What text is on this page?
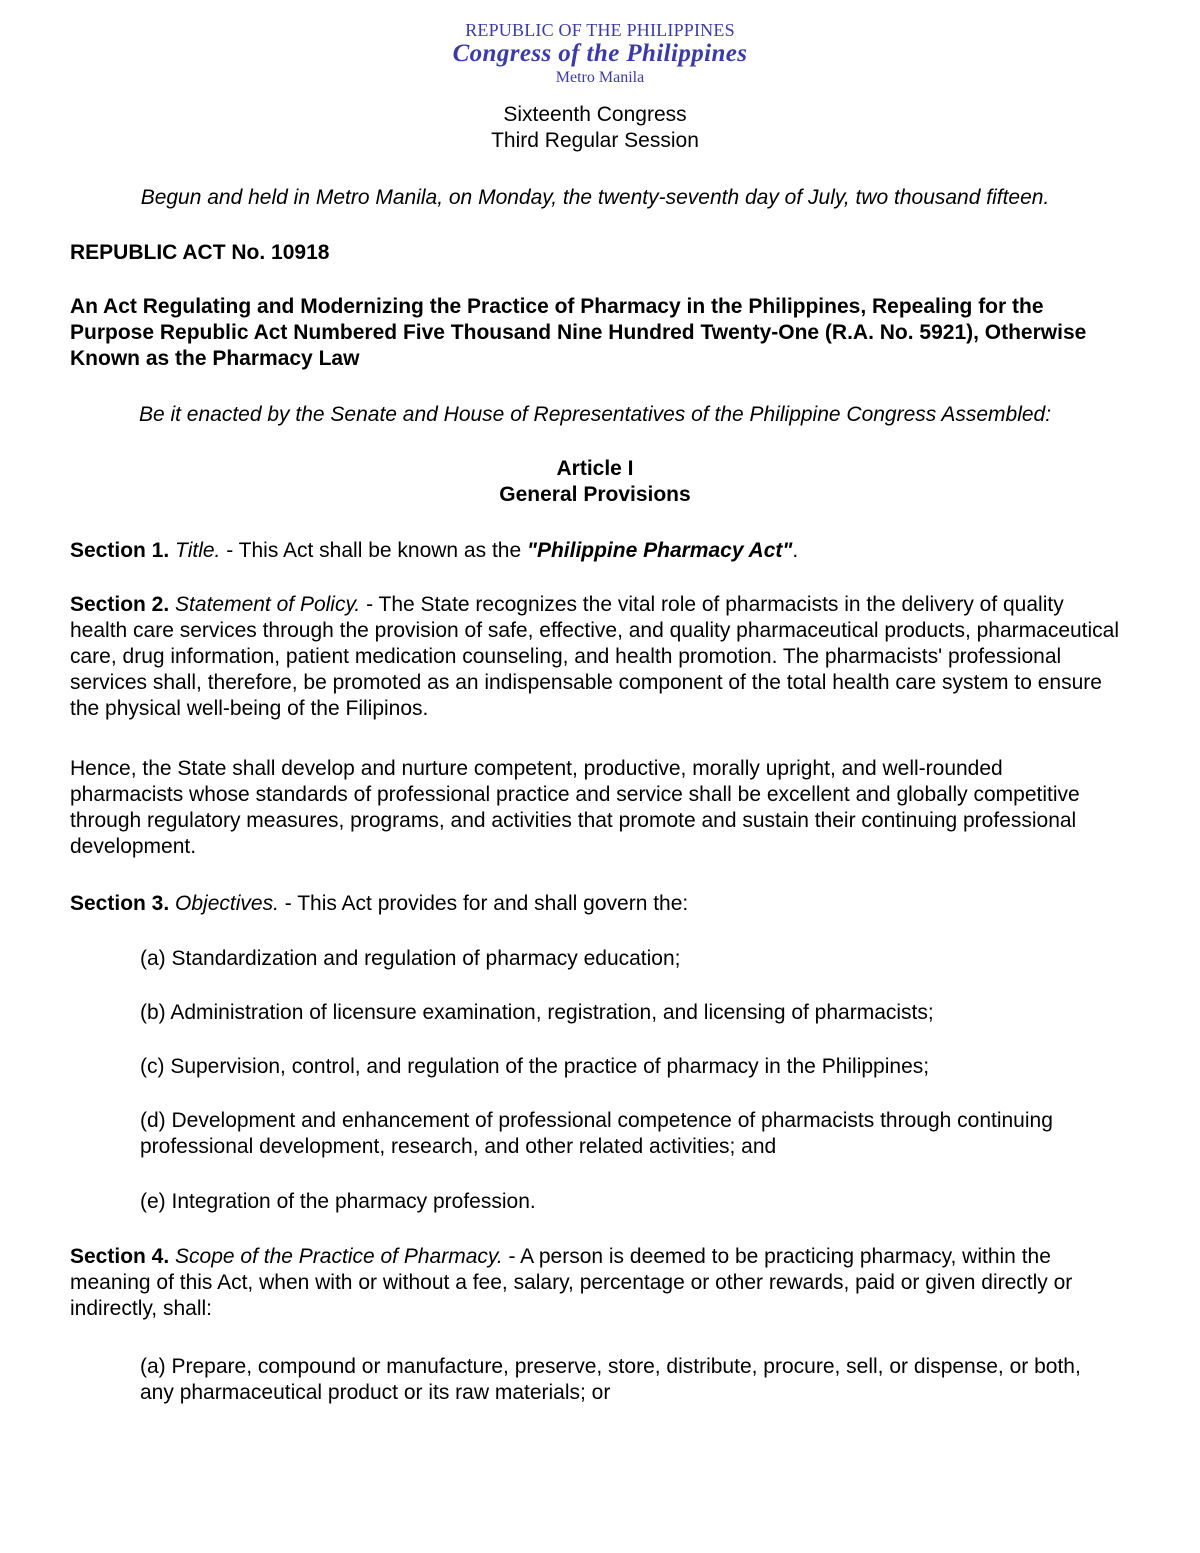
REPUBLIC OF THE PHILIPPINES
Congress of the Philippines
Metro Manila

Sixteenth Congress

Third Regular Session

Begun and held in Metro Manila, on Monday, the twenty-seventh day of July, two thousand fifteen.

REPUBLIC ACT No. 10918

An Act Regulating and Modernizing the Practice of Pharmacy in the Philippines, Repealing for the Purpose Republic Act Numbered Five Thousand Nine Hundred Twenty-One (R.A. No. 5921), Otherwise Known as the Pharmacy Law

Be it enacted by the Senate and House of Representatives of the Philippine Congress Assembled:

Article I

General Provisions

Section 1. Title. - This Act shall be known as the "Philippine Pharmacy Act".

Section 2. Statement of Policy. - The State recognizes the vital role of pharmacists in the delivery of quality health care services through the provision of safe, effective, and quality pharmaceutical products, pharmaceutical care, drug information, patient medication counseling, and health promotion. The pharmacists' professional services shall, therefore, be promoted as an indispensable component of the total health care system to ensure the physical well-being of the Filipinos.

Hence, the State shall develop and nurture competent, productive, morally upright, and well-rounded pharmacists whose standards of professional practice and service shall be excellent and globally competitive through regulatory measures, programs, and activities that promote and sustain their continuing professional development.

Section 3. Objectives. - This Act provides for and shall govern the:

(a) Standardization and regulation of pharmacy education;

(b) Administration of licensure examination, registration, and licensing of pharmacists;

(c) Supervision, control, and regulation of the practice of pharmacy in the Philippines;

(d) Development and enhancement of professional competence of pharmacists through continuing professional development, research, and other related activities; and

(e) Integration of the pharmacy profession.

Section 4. Scope of the Practice of Pharmacy. - A person is deemed to be practicing pharmacy, within the meaning of this Act, when with or without a fee, salary, percentage or other rewards, paid or given directly or indirectly, shall:

(a) Prepare, compound or manufacture, preserve, store, distribute, procure, sell, or dispense, or both, any pharmaceutical product or its raw materials; or
